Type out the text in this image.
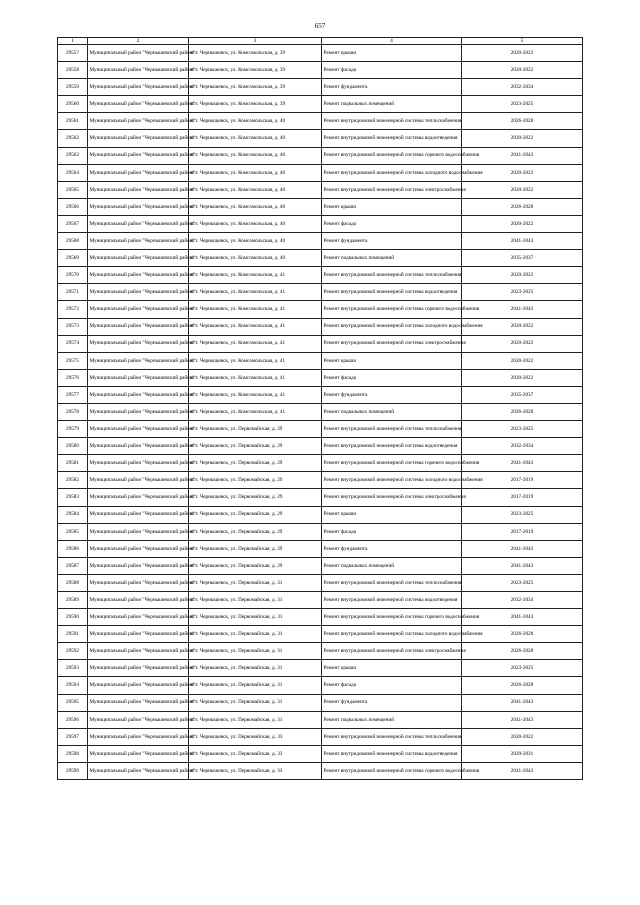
657
1	2	3	4	5
29557	Муниципальный район "Чернышевский район"	пгт. Чернышевск, ул. Комсомольская, д. 39	Ремонт крыши	2020-2022
29558	Муниципальный район "Чернышевский район"	пгт. Чернышевск, ул. Комсомольская, д. 39	Ремонт фасада	2020-2022
29559	Муниципальный район "Чернышевский район"	пгт. Чернышевск, ул. Комсомольская, д. 39	Ремонт фундамента	2032-2034
29560	Муниципальный район "Чернышевский район"	пгт. Чернышевск, ул. Комсомольская, д. 39	Ремонт подвальных помещений	2023-2025
29561	Муниципальный район "Чернышевский район"	пгт. Чернышевск, ул. Комсомольская, д. 40	Ремонт внутридомовой инженерной системы теплоснабжения	2026-2028
29562	Муниципальный район "Чернышевский район"	пгт. Чернышевск, ул. Комсомольская, д. 40	Ремонт внутридомовой инженерной системы водоотведения	2020-2022
29563	Муниципальный район "Чернышевский район"	пгт. Чернышевск, ул. Комсомольская, д. 40	Ремонт внутридомовой инженерной системы горячего водоснабжения	2041-2043
29564	Муниципальный район "Чернышевский район"	пгт. Чернышевск, ул. Комсомольская, д. 40	Ремонт внутридомовой инженерной системы холодного водоснабжения	2020-2022
29565	Муниципальный район "Чернышевский район"	пгт. Чернышевск, ул. Комсомольская, д. 40	Ремонт внутридомовой инженерной системы электроснабжения	2020-2022
29566	Муниципальный район "Чернышевский район"	пгт. Чернышевск, ул. Комсомольская, д. 40	Ремонт крыши	2026-2028
29567	Муниципальный район "Чернышевский район"	пгт. Чернышевск, ул. Комсомольская, д. 40	Ремонт фасада	2020-2022
29568	Муниципальный район "Чернышевский район"	пгт. Чернышевск, ул. Комсомольская, д. 40	Ремонт фундамента	2041-2043
29569	Муниципальный район "Чернышевский район"	пгт. Чернышевск, ул. Комсомольская, д. 40	Ремонт подвальных помещений	2035-2037
29570	Муниципальный район "Чернышевский район"	пгт. Чернышевск, ул. Комсомольская, д. 41	Ремонт внутридомовой инженерной системы теплоснабжения	2020-2022
29571	Муниципальный район "Чернышевский район"	пгт. Чернышевск, ул. Комсомольская, д. 41	Ремонт внутридомовой инженерной системы водоотведения	2023-2025
29572	Муниципальный район "Чернышевский район"	пгт. Чернышевск, ул. Комсомольская, д. 41	Ремонт внутридомовой инженерной системы горячего водоснабжения	2041-2043
29573	Муниципальный район "Чернышевский район"	пгт. Чернышевск, ул. Комсомольская, д. 41	Ремонт внутридомовой инженерной системы холодного водоснабжения	2020-2022
29574	Муниципальный район "Чернышевский район"	пгт. Чернышевск, ул. Комсомольская, д. 41	Ремонт внутридомовой инженерной системы электроснабжения	2020-2022
29575	Муниципальный район "Чернышевский район"	пгт. Чернышевск, ул. Комсомольская, д. 41	Ремонт крыши	2020-2022
29576	Муниципальный район "Чернышевский район"	пгт. Чернышевск, ул. Комсомольская, д. 41	Ремонт фасада	2020-2022
29577	Муниципальный район "Чернышевский район"	пгт. Чернышевск, ул. Комсомольская, д. 41	Ремонт фундамента	2035-2037
29578	Муниципальный район "Чернышевский район"	пгт. Чернышевск, ул. Комсомольская, д. 41	Ремонт подвальных помещений	2026-2028
29579	Муниципальный район "Чернышевский район"	пгт. Чернышевск, ул. Первомайская, д. 29	Ремонт внутридомовой инженерной системы теплоснабжения	2023-2025
29580	Муниципальный район "Чернышевский район"	пгт. Чернышевск, ул. Первомайская, д. 29	Ремонт внутридомовой инженерной системы водоотведения	2032-2034
29581	Муниципальный район "Чернышевский район"	пгт. Чернышевск, ул. Первомайская, д. 29	Ремонт внутридомовой инженерной системы горячего водоснабжения	2041-2043
29582	Муниципальный район "Чернышевский район"	пгт. Чернышевск, ул. Первомайская, д. 29	Ремонт внутридомовой инженерной системы холодного водоснабжения	2017-2019
29583	Муниципальный район "Чернышевский район"	пгт. Чернышевск, ул. Первомайская, д. 29	Ремонт внутридомовой инженерной системы электроснабжения	2017-2019
29584	Муниципальный район "Чернышевский район"	пгт. Чернышевск, ул. Первомайская, д. 29	Ремонт крыши	2023-2025
29585	Муниципальный район "Чернышевский район"	пгт. Чернышевск, ул. Первомайская, д. 29	Ремонт фасада	2017-2019
29586	Муниципальный район "Чернышевский район"	пгт. Чернышевск, ул. Первомайская, д. 29	Ремонт фундамента	2041-2043
29587	Муниципальный район "Чернышевский район"	пгт. Чернышевск, ул. Первомайская, д. 29	Ремонт подвальных помещений	2041-2043
29588	Муниципальный район "Чернышевский район"	пгт. Чернышевск, ул. Первомайская, д. 31	Ремонт внутридомовой инженерной системы теплоснабжения	2023-2025
29589	Муниципальный район "Чернышевский район"	пгт. Чернышевск, ул. Первомайская, д. 31	Ремонт внутридомовой инженерной системы водоотведения	2032-2034
29590	Муниципальный район "Чернышевский район"	пгт. Чернышевск, ул. Первомайская, д. 31	Ремонт внутридомовой инженерной системы горячего водоснабжения	2041-2043
29591	Муниципальный район "Чернышевский район"	пгт. Чернышевск, ул. Первомайская, д. 31	Ремонт внутридомовой инженерной системы холодного водоснабжения	2026-2028
29592	Муниципальный район "Чернышевский район"	пгт. Чернышевск, ул. Первомайская, д. 31	Ремонт внутридомовой инженерной системы электроснабжения	2026-2028
29593	Муниципальный район "Чернышевский район"	пгт. Чернышевск, ул. Первомайская, д. 31	Ремонт крыши	2023-2025
29594	Муниципальный район "Чернышевский район"	пгт. Чернышевск, ул. Первомайская, д. 31	Ремонт фасада	2026-2028
29595	Муниципальный район "Чернышевский район"	пгт. Чернышевск, ул. Первомайская, д. 31	Ремонт фундамента	2041-2043
29596	Муниципальный район "Чернышевский район"	пгт. Чернышевск, ул. Первомайская, д. 31	Ремонт подвальных помещений	2041-2043
29597	Муниципальный район "Чернышевский район"	пгт. Чернышевск, ул. Первомайская, д. 33	Ремонт внутридомовой инженерной системы теплоснабжения	2020-2022
29598	Муниципальный район "Чернышевский район"	пгт. Чернышевск, ул. Первомайская, д. 33	Ремонт внутридомовой инженерной системы водоотведения	2029-2031
29599	Муниципальный район "Чернышевский район"	пгт. Чернышевск, ул. Первомайская, д. 33	Ремонт внутридомовой инженерной системы горячего водоснабжения	2041-2043
